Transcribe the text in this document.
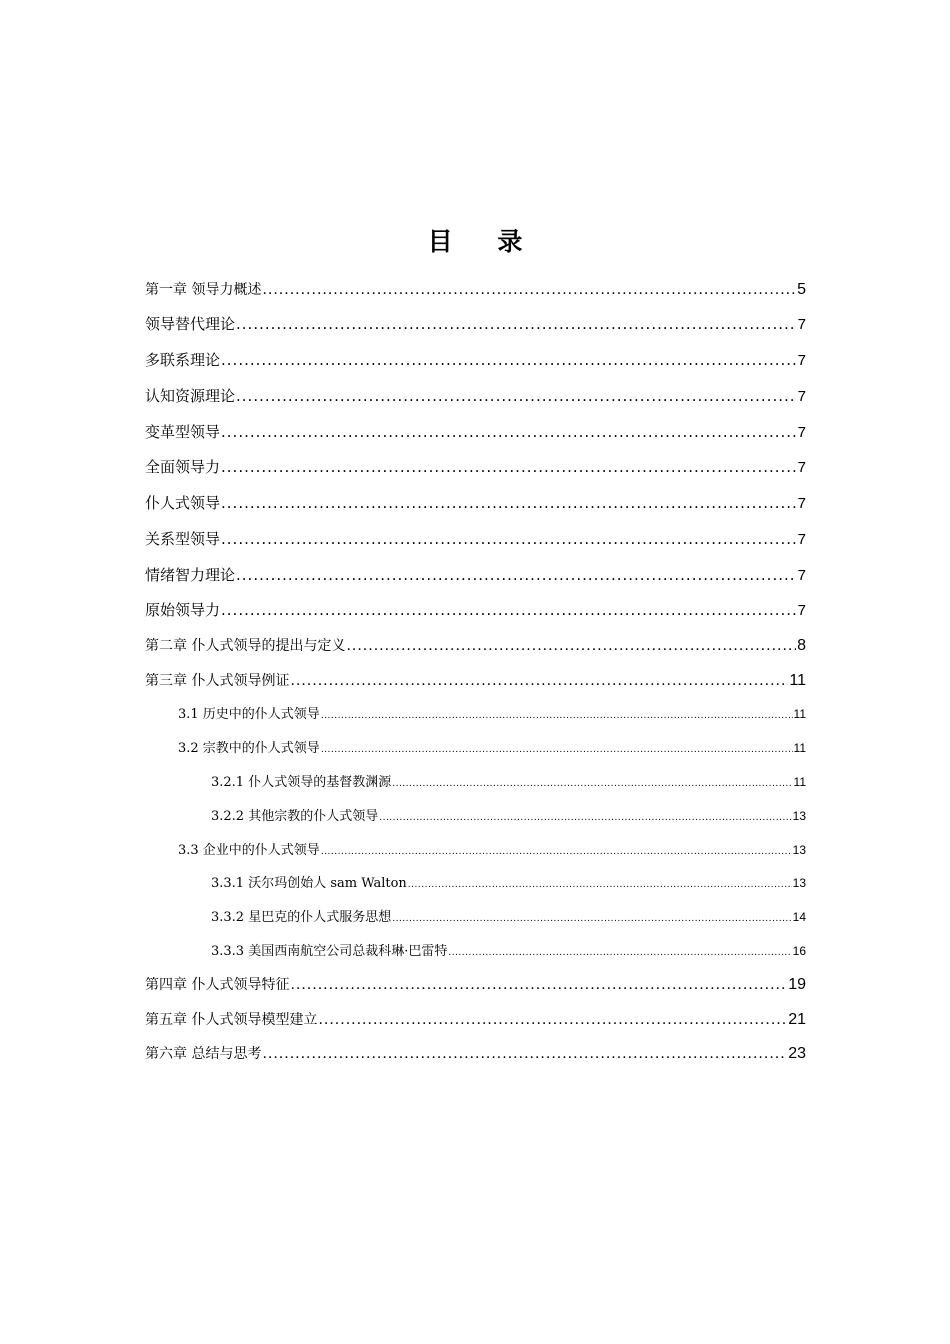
目 录
第一章 领导力概述 .....	5
领导替代理论 .....	7
多联系理论 .....	7
认知资源理论 .....	7
变革型领导 .....	7
全面领导力 .....	7
仆人式领导 .....	7
关系型领导 .....	7
情绪智力理论 .....	7
原始领导力 .....	7
第二章 仆人式领导的提出与定义 .....	8
第三章 仆人式领导例证 .....	11
3.1 历史中的仆人式领导 .....	11
3.2 宗教中的仆人式领导 .....	11
3.2.1 仆人式领导的基督教渊源 .....	11
3.2.2 其他宗教的仆人式领导 .....	13
3.3 企业中的仆人式领导 .....	13
3.3.1 沃尔玛创始人 sam Walton .....	13
3.3.2 星巴克的仆人式服务思想 .....	14
3.3.3 美国西南航空公司总裁科琳·巴雷特 .....	16
第四章 仆人式领导特征 .....	19
第五章 仆人式领导模型建立 .....	21
第六章 总结与思考 .....	23
